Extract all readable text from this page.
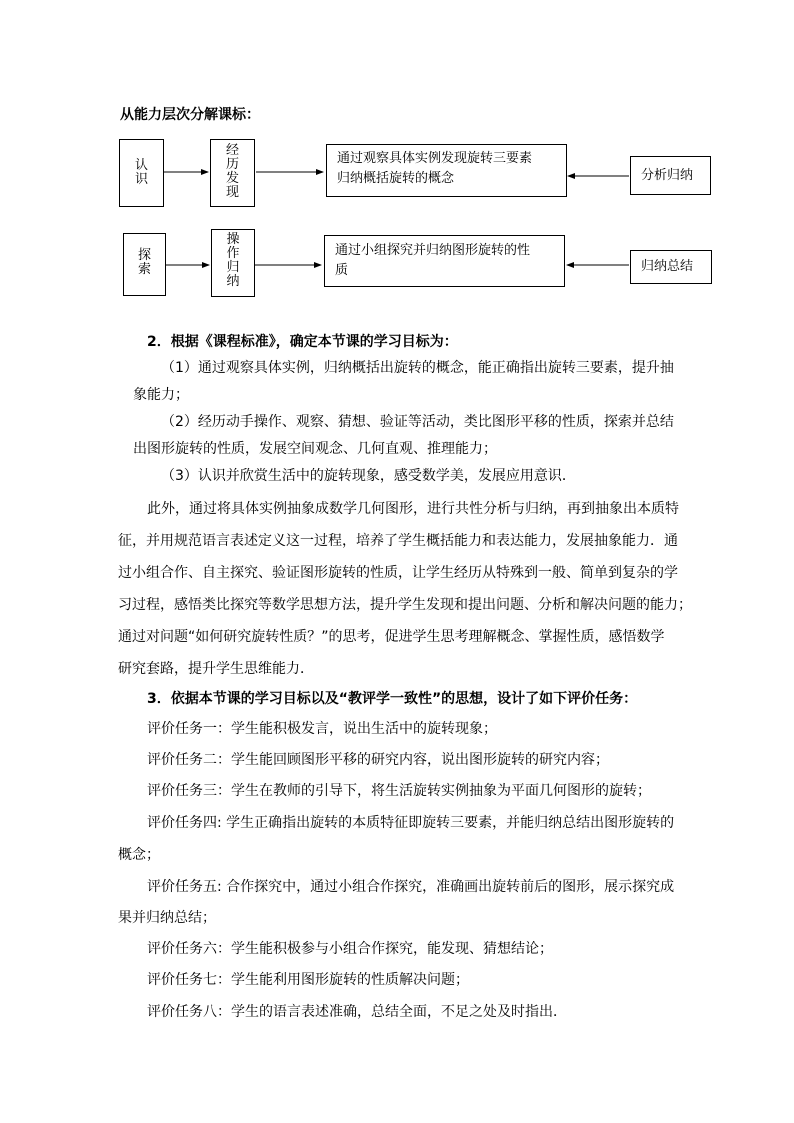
从能力层次分解课标：
认识
经历发现
通过观察具体实例发现旋转三要素
归纳概括旋转的概念	分析归纳
探索
操作归纳
通过小组探究并归纳图形旋转的性
质	归纳总结
2．根据《课程标准》，确定本节课的学习目标为：
（1）通过观察具体实例，归纳概括出旋转的概念，能正确指出旋转三要素，提升抽
象能力；
（2）经历动手操作、观察、猜想、验证等活动，类比图形平移的性质，探索并总结
出图形旋转的性质，发展空间观念、几何直观、推理能力；
（3）认识并欣赏生活中的旋转现象，感受数学美，发展应用意识．
此外，通过将具体实例抽象成数学几何图形，进行共性分析与归纳，再到抽象出本质特
征，并用规范语言表述定义这一过程，培养了学生概括能力和表达能力，发展抽象能力．通
过小组合作、自主探究、验证图形旋转的性质，让学生经历从特殊到一般、简单到复杂的学
习过程，感悟类比探究等数学思想方法，提升学生发现和提出问题、分析和解决问题的能力；
通过对问题“如何研究旋转性质？”的思考，促进学生思考理解概念、掌握性质，感悟数学
研究套路，提升学生思维能力．
3．依据本节课的学习目标以及“教评学一致性”的思想，设计了如下评价任务：
评价任务一：学生能积极发言，说出生活中的旋转现象；
评价任务二：学生能回顾图形平移的研究内容，说出图形旋转的研究内容；
评价任务三：学生在教师的引导下，将生活旋转实例抽象为平面几何图形的旋转；
评价任务四: 学生正确指出旋转的本质特征即旋转三要素，并能归纳总结出图形旋转的
概念；
评价任务五: 合作探究中，通过小组合作探究，准确画出旋转前后的图形，展示探究成
果并归纳总结；
评价任务六：学生能积极参与小组合作探究，能发现、猜想结论；
评价任务七：学生能利用图形旋转的性质解决问题；
评价任务八：学生的语言表述准确，总结全面，不足之处及时指出．
